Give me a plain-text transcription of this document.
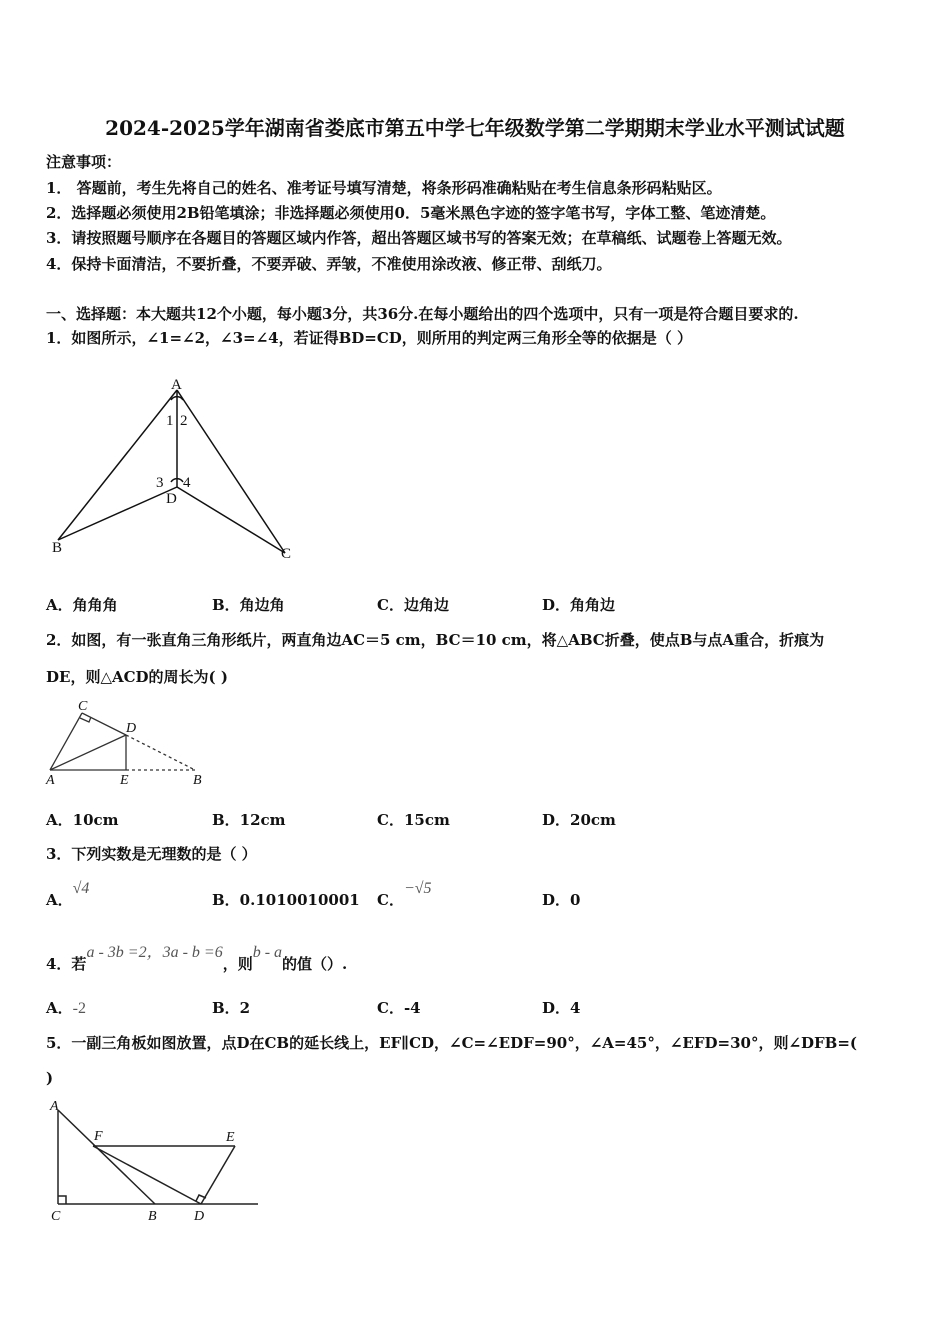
2024-2025学年湖南省娄底市第五中学七年级数学第二学期期末学业水平测试试题
注意事项：
1． 答题前，考生先将自己的姓名、准考证号填写清楚，将条形码准确粘贴在考生信息条形码粘贴区。
2．选择题必须使用2B铅笔填涂；非选择题必须使用0．5毫米黑色字迹的签字笔书写，字体工整、笔迹清楚。
3．请按照题号顺序在各题目的答题区域内作答，超出答题区域书写的答案无效；在草稿纸、试题卷上答题无效。
4．保持卡面清洁，不要折叠，不要弄破、弄皱，不准使用涂改液、修正带、刮纸刀。
一、选择题：本大题共12个小题，每小题3分，共36分.在每小题给出的四个选项中，只有一项是符合题目要求的.
1．如图所示，∠1=∠2，∠3=∠4，若证得BD=CD，则所用的判定两三角形全等的依据是（ ）
A
1 2
3 4
D
B	C
A．角角角	B．角边角	C．边角边	D．角角边
2．如图，有一张直角三角形纸片，两直角边AC＝5 cm，BC＝10 cm，将△ABC折叠，使点B与点A重合，折痕为
DE，则△ACD的周长为( )
C
D
A	E	B
A．10cm	B．12cm	C．15cm	D．20cm
3．下列实数是无理数的是（ ）
A．√4
B．0.1010010001 C．−√5
D．0
4．若a - 3b =2，3a - b =6，则b - a的值（）.
A．-2	B．2	C．-4	D．4
5．一副三角板如图放置，点D在CB的延长线上，EF∥CD，∠C=∠EDF=90°，∠A=45°，∠EFD=30°，则∠DFB=(
)
A
F	E
C	B	D
